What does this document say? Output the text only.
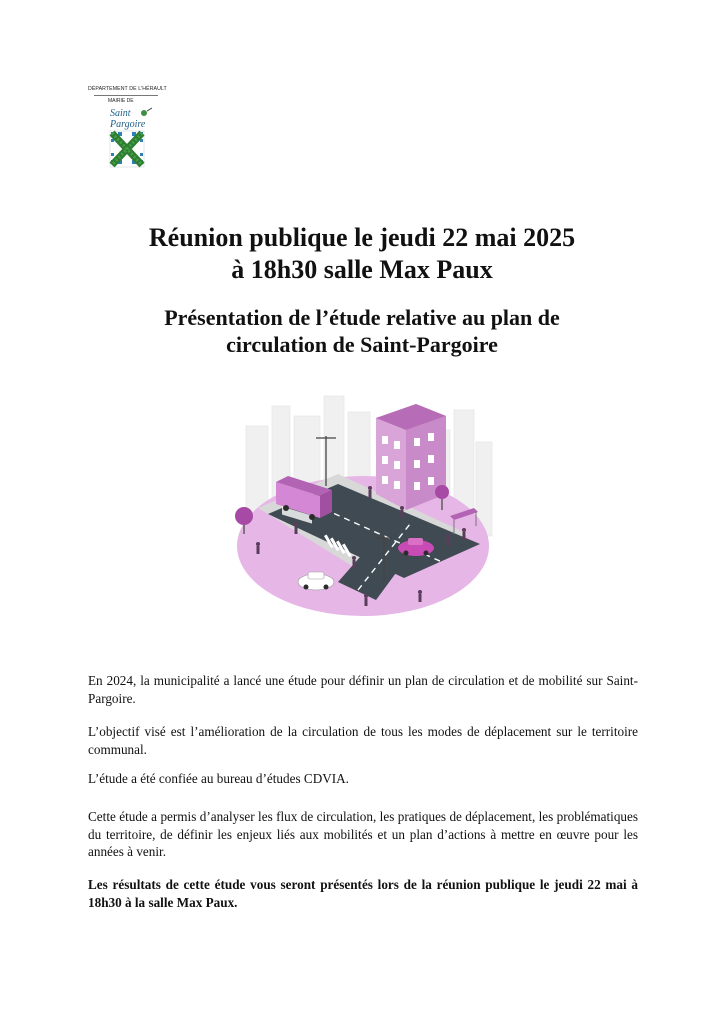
DÉPARTEMENT DE L'HÉRAULT
MAIRIE DE
Saint
Pargoire
Réunion publique le jeudi 22 mai 2025
à 18h30 salle Max Paux
Présentation de l’étude relative au plan de
circulation de Saint-Pargoire

En 2024, la municipalité a lancé une étude pour définir un plan de circulation et de mobilité sur Saint-Pargoire.

L’objectif visé est l’amélioration de la circulation de tous les modes de déplacement sur le territoire communal.

L’étude a été confiée au bureau d’études CDVIA.

Cette étude a permis d’analyser les flux de circulation, les pratiques de déplacement, les problématiques du territoire, de définir les enjeux liés aux mobilités et un plan d’actions à mettre en œuvre pour les années à venir.

Les résultats de cette étude vous seront présentés lors de la réunion publique le jeudi 22 mai à 18h30 à la salle Max Paux.
